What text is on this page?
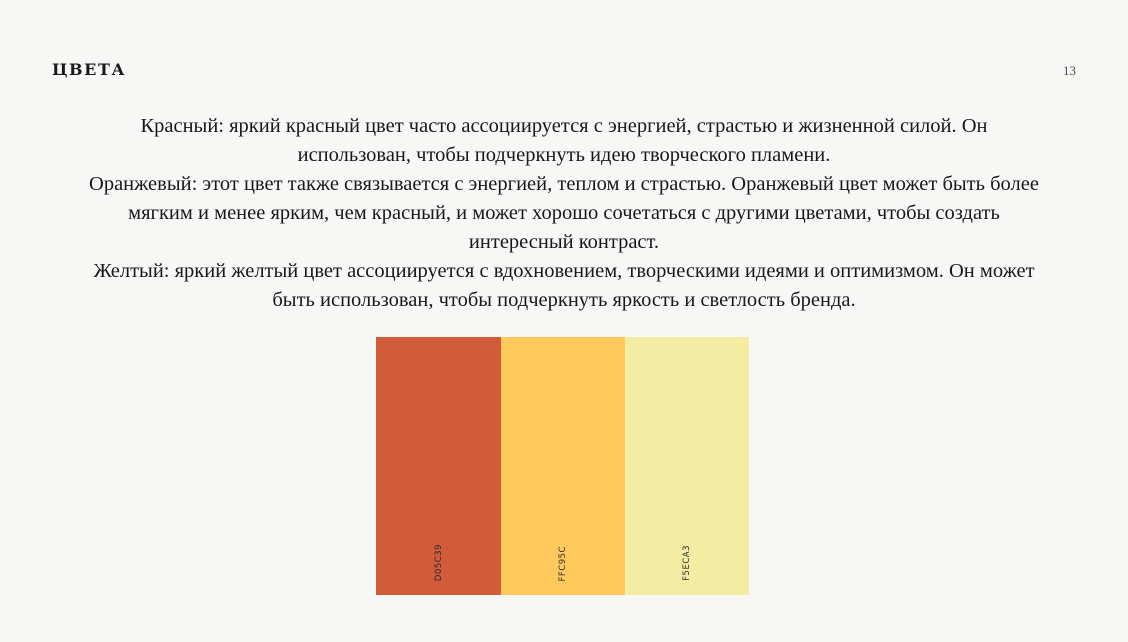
ЦВЕТА	13

Красный: яркий красный цвет часто ассоциируется с энергией, страстью и жизненной силой. Он использован, чтобы подчеркнуть идею творческого пламени.

Оранжевый: этот цвет также связывается с энергией, теплом и страстью. Оранжевый цвет может быть более мягким и менее ярким, чем красный, и может хорошо сочетаться с другими цветами, чтобы создать интересный контраст.

Желтый: яркий желтый цвет ассоциируется с вдохновением, творческими идеями и оптимизмом. Он может быть использован, чтобы подчеркнуть яркость и светлость бренда.

D05C39	FFC95C	F5ECA3
